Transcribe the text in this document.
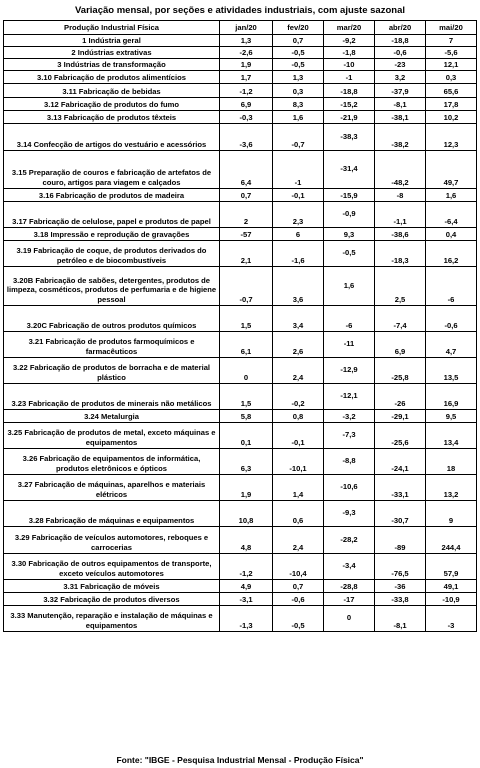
Variação mensal, por seções e atividades industriais, com ajuste sazonal
Produção Industrial Física	jan/20	fev/20	mar/20	abr/20	mai/20
1 Indústria geral	1,3	0,7	-9,2	-18,8	7
2 Indústrias extrativas	-2,6	-0,5	-1,8	-0,6	-5,6
3 Indústrias de transformação	1,9	-0,5	-10	-23	12,1
3.10 Fabricação de produtos alimentícios	1,7	1,3	-1	3,2	0,3
3.11 Fabricação de bebidas	-1,2	0,3	-18,8	-37,9	65,6
3.12 Fabricação de produtos do fumo	6,9	8,3	-15,2	-8,1	17,8
3.13 Fabricação de produtos têxteis	-0,3	1,6	-21,9	-38,1	10,2
3.14 Confecção de artigos do vestuário e acessórios	-3,6	-0,7	-38,3	-38,2	12,3
3.15 Preparação de couros e fabricação de artefatos de couro, artigos para viagem e calçados	6,4	-1	-31,4	-48,2	49,7
3.16 Fabricação de produtos de madeira	0,7	-0,1	-15,9	-8	1,6
3.17 Fabricação de celulose, papel e produtos de papel	2	2,3	-0,9	-1,1	-6,4
3.18 Impressão e reprodução de gravações	-57	6	9,3	-38,6	0,4
3.19 Fabricação de coque, de produtos derivados do petróleo e de biocombustíveis	2,1	-1,6	-0,5	-18,3	16,2
3.20B Fabricação de sabões, detergentes, produtos de limpeza, cosméticos, produtos de perfumaria e de higiene pessoal	-0,7	3,6	1,6	2,5	-6
3.20C Fabricação de outros produtos químicos	1,5	3,4	-6	-7,4	-0,6
3.21 Fabricação de produtos farmoquímicos e farmacêuticos	6,1	2,6	-11	6,9	4,7
3.22 Fabricação de produtos de borracha e de material plástico	0	2,4	-12,9	-25,8	13,5
3.23 Fabricação de produtos de minerais não metálicos	1,5	-0,2	-12,1	-26	16,9
3.24 Metalurgia	5,8	0,8	-3,2	-29,1	9,5
3.25 Fabricação de produtos de metal, exceto máquinas e equipamentos	0,1	-0,1	-7,3	-25,6	13,4
3.26 Fabricação de equipamentos de informática, produtos eletrônicos e ópticos	6,3	-10,1	-8,8	-24,1	18
3.27 Fabricação de máquinas, aparelhos e materiais elétricos	1,9	1,4	-10,6	-33,1	13,2
3.28 Fabricação de máquinas e equipamentos	10,8	0,6	-9,3	-30,7	9
3.29 Fabricação de veículos automotores, reboques e carrocerias	4,8	2,4	-28,2	-89	244,4
3.30 Fabricação de outros equipamentos de transporte, exceto veículos automotores	-1,2	-10,4	-3,4	-76,5	57,9
3.31 Fabricação de móveis	4,9	0,7	-28,8	-36	49,1
3.32 Fabricação de produtos diversos	-3,1	-0,6	-17	-33,8	-10,9
3.33 Manutenção, reparação e instalação de máquinas e equipamentos	-1,3	-0,5	0	-8,1	-3
Fonte: "IBGE - Pesquisa Industrial Mensal - Produção Física"
